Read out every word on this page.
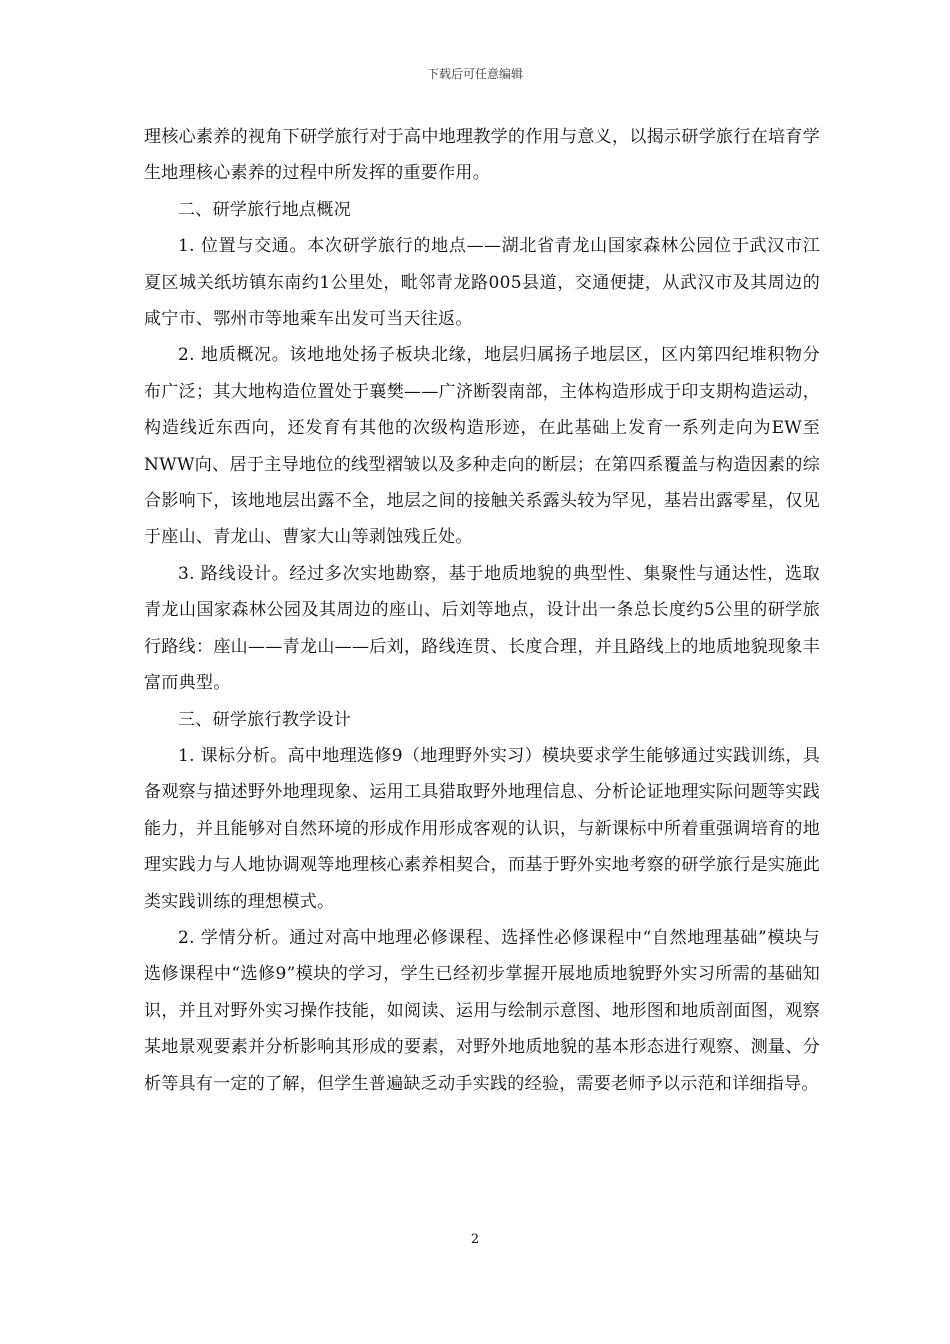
下载后可任意编辑

理核心素养的视角下研学旅行对于高中地理教学的作用与意义，以揭示研学旅行在培育学生地理核心素养的过程中所发挥的重要作用。

二、研学旅行地点概况

1. 位置与交通。本次研学旅行的地点——湖北省青龙山国家森林公园位于武汉市江夏区城关纸坊镇东南约1公里处，毗邻青龙路005县道，交通便捷，从武汉市及其周边的咸宁市、鄂州市等地乘车出发可当天往返。

2. 地质概况。该地地处扬子板块北缘，地层归属扬子地层区，区内第四纪堆积物分布广泛；其大地构造位置处于襄樊——广济断裂南部，主体构造形成于印支期构造运动，构造线近东西向，还发育有其他的次级构造形迹，在此基础上发育一系列走向为EW至NWW向、居于主导地位的线型褶皱以及多种走向的断层；在第四系覆盖与构造因素的综合影响下，该地地层出露不全，地层之间的接触关系露头较为罕见，基岩出露零星，仅见于座山、青龙山、曹家大山等剥蚀残丘处。

3. 路线设计。经过多次实地勘察，基于地质地貌的典型性、集聚性与通达性，选取青龙山国家森林公园及其周边的座山、后刘等地点，设计出一条总长度约5公里的研学旅行路线：座山——青龙山——后刘，路线连贯、长度合理，并且路线上的地质地貌现象丰富而典型。

三、研学旅行教学设计

1. 课标分析。高中地理选修9（地理野外实习）模块要求学生能够通过实践训练，具备观察与描述野外地理现象、运用工具猎取野外地理信息、分析论证地理实际问题等实践能力，并且能够对自然环境的形成作用形成客观的认识，与新课标中所着重强调培育的地理实践力与人地协调观等地理核心素养相契合，而基于野外实地考察的研学旅行是实施此类实践训练的理想模式。

2. 学情分析。通过对高中地理必修课程、选择性必修课程中“自然地理基础”模块与选修课程中“选修9”模块的学习，学生已经初步掌握开展地质地貌野外实习所需的基础知识，并且对野外实习操作技能，如阅读、运用与绘制示意图、地形图和地质剖面图，观察某地景观要素并分析影响其形成的要素，对野外地质地貌的基本形态进行观察、测量、分析等具有一定的了解，但学生普遍缺乏动手实践的经验，需要老师予以示范和详细指导。

2
